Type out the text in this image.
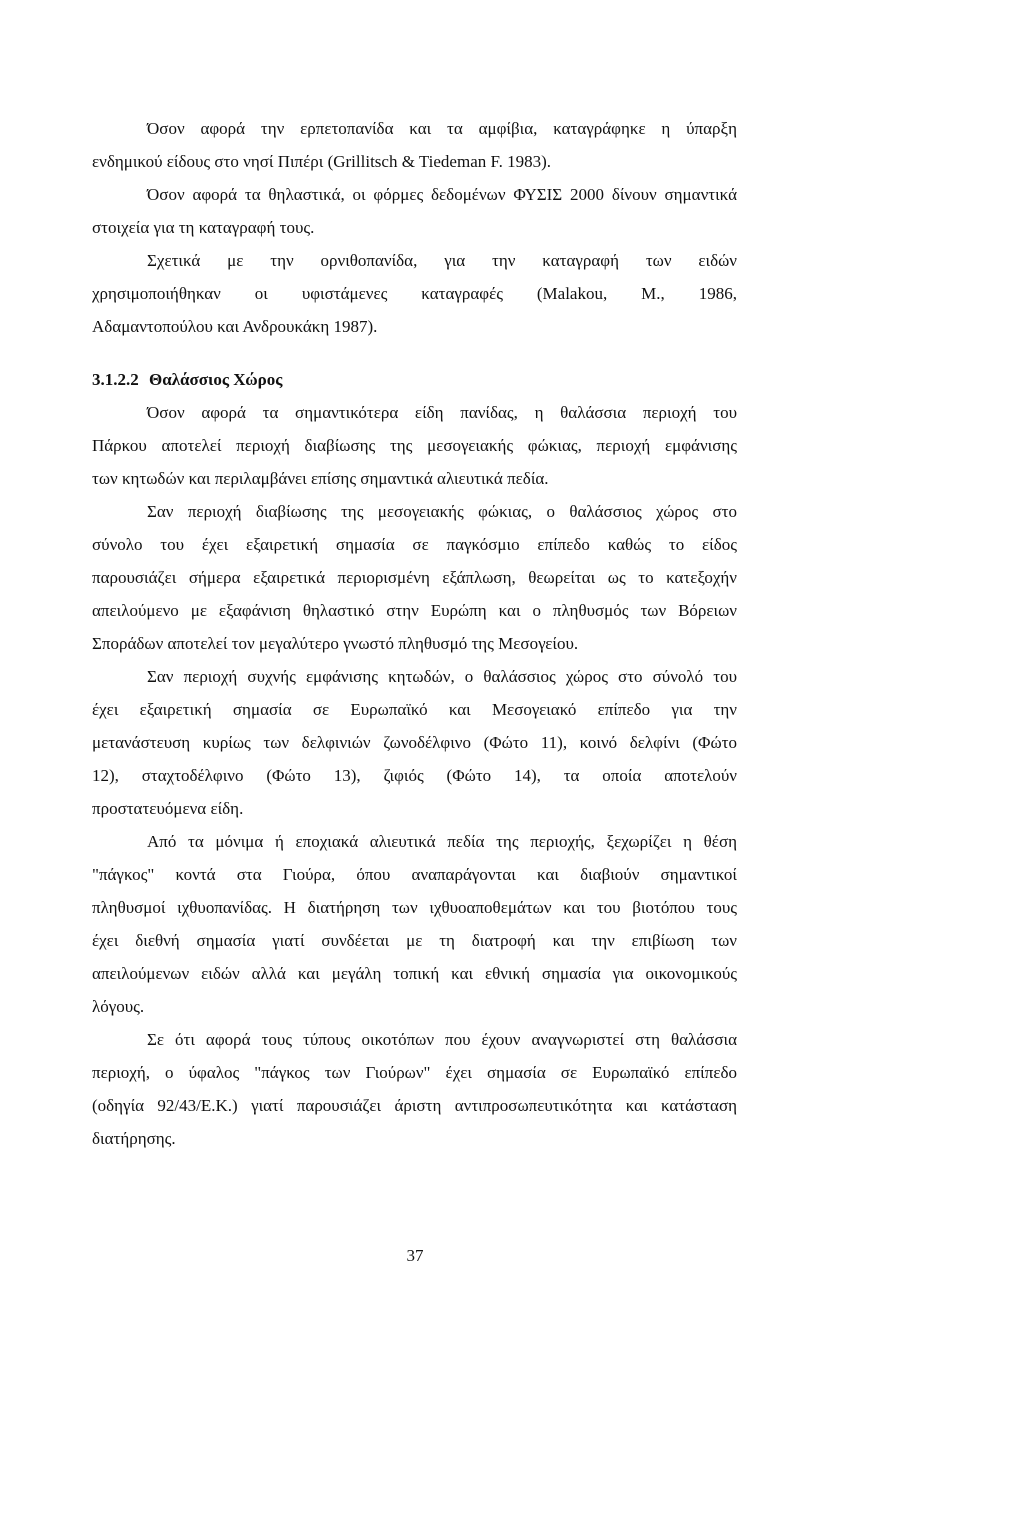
Όσον αφορά την ερπετοπανίδα και τα αμφίβια, καταγράφηκε η ύπαρξη
ενδημικού είδους στο νησί Πιπέρι (Grillitsch & Tiedeman F. 1983).
Όσον αφορά τα θηλαστικά, οι φόρμες δεδομένων ΦΥΣΙΣ 2000 δίνουν σημαντικά
στοιχεία για τη καταγραφή τους.
Σχετικά με την ορνιθοπανίδα, για την καταγραφή των ειδών
χρησιμοποιήθηκαν οι υφιστάμενες καταγραφές (Malakou, M., 1986,
Αδαμαντοπούλου και Ανδρουκάκη 1987).
3.1.2.2 Θαλάσσιος Χώρος
Όσον αφορά τα σημαντικότερα είδη πανίδας, η θαλάσσια περιοχή του
Πάρκου αποτελεί περιοχή διαβίωσης της μεσογειακής φώκιας, περιοχή εμφάνισης
των κητωδών και περιλαμβάνει επίσης σημαντικά αλιευτικά πεδία.
Σαν περιοχή διαβίωσης της μεσογειακής φώκιας, ο θαλάσσιος χώρος στο
σύνολο του έχει εξαιρετική σημασία σε παγκόσμιο επίπεδο καθώς το είδος
παρουσιάζει σήμερα εξαιρετικά περιορισμένη εξάπλωση, θεωρείται ως το κατεξοχήν
απειλούμενο με εξαφάνιση θηλαστικό στην Ευρώπη και ο πληθυσμός των Βόρειων
Σποράδων αποτελεί τον μεγαλύτερο γνωστό πληθυσμό της Μεσογείου.
Σαν περιοχή συχνής εμφάνισης κητωδών, ο θαλάσσιος χώρος στο σύνολό του
έχει εξαιρετική σημασία σε Ευρωπαϊκό και Μεσογειακό επίπεδο για την
μετανάστευση κυρίως των δελφινιών ζωνοδέλφινο (Φώτο 11), κοινό δελφίνι (Φώτο
12), σταχτοδέλφινο (Φώτο 13), ζιφιός (Φώτο 14), τα οποία αποτελούν
προστατευόμενα είδη.
Από τα μόνιμα ή εποχιακά αλιευτικά πεδία της περιοχής, ξεχωρίζει η θέση
"πάγκος" κοντά στα Γιούρα, όπου αναπαράγονται και διαβιούν σημαντικοί
πληθυσμοί ιχθυοπανίδας. Η διατήρηση των ιχθυοαποθεμάτων και του βιοτόπου τους
έχει διεθνή σημασία γιατί συνδέεται με τη διατροφή και την επιβίωση των
απειλούμενων ειδών αλλά και μεγάλη τοπική και εθνική σημασία για οικονομικούς
λόγους.
Σε ότι αφορά τους τύπους οικοτόπων που έχουν αναγνωριστεί στη θαλάσσια
περιοχή, ο ύφαλος "πάγκος των Γιούρων" έχει σημασία σε Ευρωπαϊκό επίπεδο
(οδηγία 92/43/Ε.Κ.) γιατί παρουσιάζει άριστη αντιπροσωπευτικότητα και κατάσταση
διατήρησης.
37
